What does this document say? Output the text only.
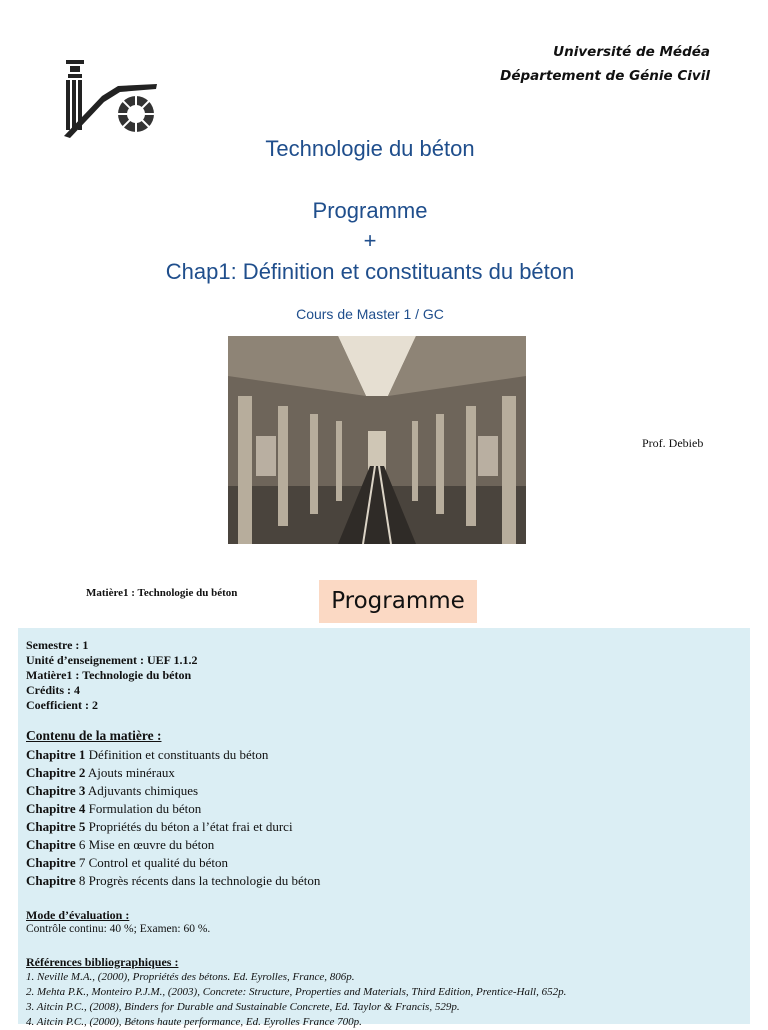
Université de Médéa
Département de Génie Civil
Technologie du béton
Programme
+
Chap1: Définition et constituants du béton
Cours de Master 1 / GC
Prof. Debieb
Matière1 : Technologie du béton	Programme
Semestre : 1
Unité d’enseignement : UEF 1.1.2
Matière1 : Technologie du béton
Crédits : 4
Coefficient : 2
Contenu de la matière :
Chapitre 1 Définition et constituants du béton
Chapitre 2 Ajouts minéraux
Chapitre 3 Adjuvants chimiques
Chapitre 4 Formulation du béton
Chapitre 5 Propriétés du béton a l’état frai et durci
Chapitre 6 Mise en œuvre du béton
Chapitre 7 Control et qualité du béton
Chapitre 8 Progrès récents dans la technologie du béton
Mode d’évaluation :
Contrôle continu: 40 %; Examen: 60 %.
Références bibliographiques :
1. Neville M.A., (2000), Propriétés des bétons. Ed. Eyrolles, France, 806p.
2. Mehta P.K., Monteiro P.J.M., (2003), Concrete: Structure, Properties and Materials, Third Edition, Prentice-Hall, 652p.
3. Aitcin P.C., (2008), Binders for Durable and Sustainable Concrete, Ed. Taylor & Francis, 529p.
4. Aitcin P.C., (2000), Bétons haute performance, Ed. Eyrolles France 700p.
